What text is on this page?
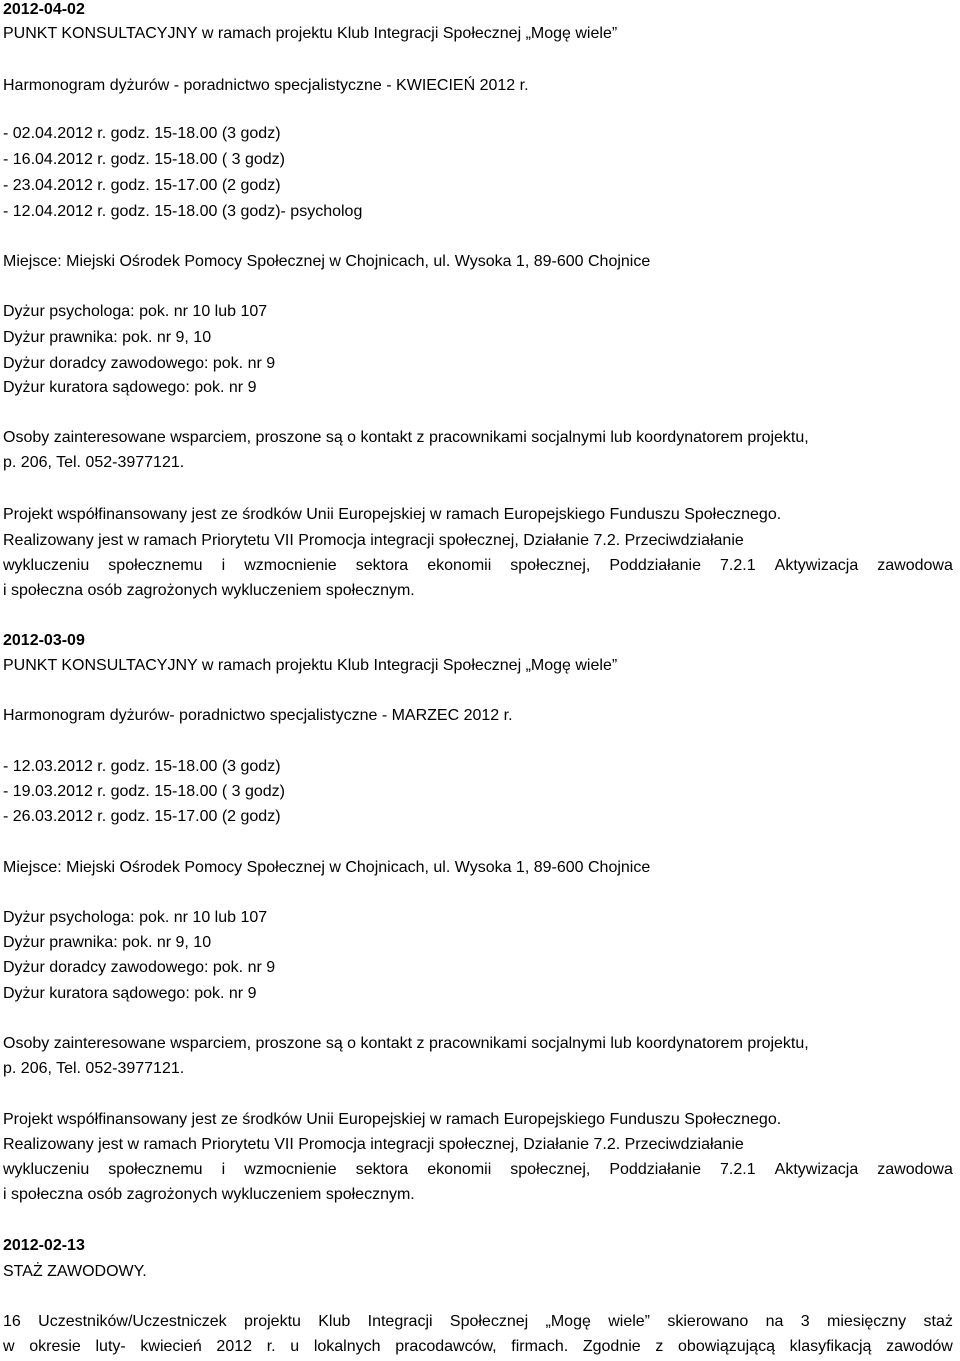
2012-04-02
PUNKT KONSULTACYJNY w ramach projektu Klub Integracji Społecznej „Mogę wiele”
Harmonogram dyżurów - poradnictwo specjalistyczne - KWIECIEŃ 2012 r.
- 02.04.2012 r. godz. 15-18.00 (3 godz)
- 16.04.2012 r. godz. 15-18.00 ( 3 godz)
- 23.04.2012 r. godz. 15-17.00 (2 godz)
- 12.04.2012 r. godz. 15-18.00 (3 godz)- psycholog
Miejsce: Miejski Ośrodek Pomocy Społecznej w Chojnicach, ul. Wysoka 1, 89-600 Chojnice
Dyżur psychologa: pok. nr 10 lub 107
Dyżur prawnika: pok. nr 9, 10
Dyżur doradcy zawodowego: pok. nr 9
Dyżur kuratora sądowego: pok. nr 9
Osoby zainteresowane wsparciem, proszone są o kontakt z pracownikami socjalnymi lub koordynatorem projektu,
p. 206, Tel. 052-3977121.
Projekt współfinansowany jest ze środków Unii Europejskiej w ramach Europejskiego Funduszu Społecznego.
Realizowany jest w ramach Priorytetu VII Promocja integracji społecznej, Działanie 7.2. Przeciwdziałanie
wykluczeniu społecznemu i wzmocnienie sektora ekonomii społecznej, Poddziałanie 7.2.1 Aktywizacja zawodowa
i społeczna osób zagrożonych wykluczeniem społecznym.
2012-03-09
PUNKT KONSULTACYJNY w ramach projektu Klub Integracji Społecznej „Mogę wiele”
Harmonogram dyżurów- poradnictwo specjalistyczne - MARZEC 2012 r.
- 12.03.2012 r. godz. 15-18.00 (3 godz)
- 19.03.2012 r. godz. 15-18.00 ( 3 godz)
- 26.03.2012 r. godz. 15-17.00 (2 godz)
Miejsce: Miejski Ośrodek Pomocy Społecznej w Chojnicach, ul. Wysoka 1, 89-600 Chojnice
Dyżur psychologa: pok. nr 10 lub 107
Dyżur prawnika: pok. nr 9, 10
Dyżur doradcy zawodowego: pok. nr 9
Dyżur kuratora sądowego: pok. nr 9
Osoby zainteresowane wsparciem, proszone są o kontakt z pracownikami socjalnymi lub koordynatorem projektu,
p. 206, Tel. 052-3977121.
Projekt współfinansowany jest ze środków Unii Europejskiej w ramach Europejskiego Funduszu Społecznego.
Realizowany jest w ramach Priorytetu VII Promocja integracji społecznej, Działanie 7.2. Przeciwdziałanie
wykluczeniu społecznemu i wzmocnienie sektora ekonomii społecznej, Poddziałanie 7.2.1 Aktywizacja zawodowa
i społeczna osób zagrożonych wykluczeniem społecznym.
2012-02-13
STAŻ ZAWODOWY.
16 Uczestników/Uczestniczek projektu Klub Integracji Społecznej „Mogę wiele” skierowano na 3 miesięczny staż
w okresie luty- kwiecień 2012 r. u lokalnych pracodawców, firmach. Zgodnie z obowiązującą klasyfikacją zawodów
